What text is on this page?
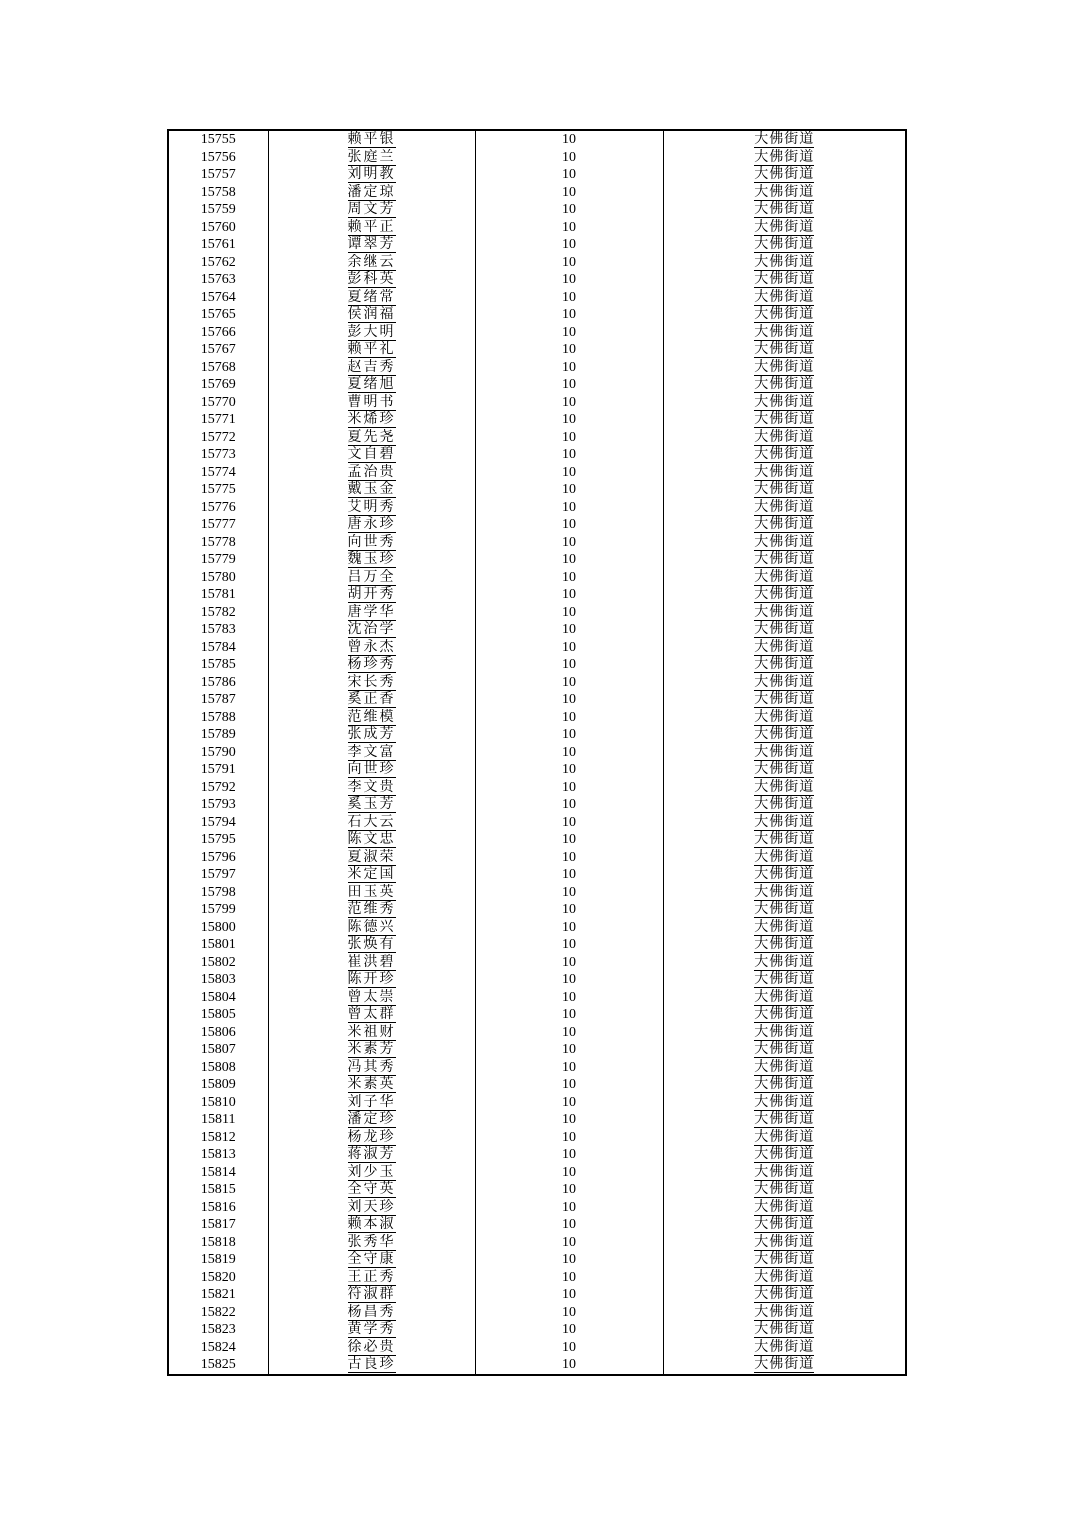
15755	赖平银	10	大佛街道
15756	张庭兰	10	大佛街道
15757	刘明教	10	大佛街道
15758	潘定琼	10	大佛街道
15759	周文芳	10	大佛街道
15760	赖平正	10	大佛街道
15761	谭翠芳	10	大佛街道
15762	余继云	10	大佛街道
15763	彭科英	10	大佛街道
15764	夏绪常	10	大佛街道
15765	侯润福	10	大佛街道
15766	彭大明	10	大佛街道
15767	赖平礼	10	大佛街道
15768	赵吉秀	10	大佛街道
15769	夏绪旭	10	大佛街道
15770	曹明书	10	大佛街道
15771	米烯珍	10	大佛街道
15772	夏先尧	10	大佛街道
15773	文自碧	10	大佛街道
15774	孟治贵	10	大佛街道
15775	戴玉金	10	大佛街道
15776	艾明秀	10	大佛街道
15777	唐永珍	10	大佛街道
15778	向世秀	10	大佛街道
15779	魏玉珍	10	大佛街道
15780	吕万全	10	大佛街道
15781	胡开秀	10	大佛街道
15782	唐学华	10	大佛街道
15783	沈治学	10	大佛街道
15784	曾永杰	10	大佛街道
15785	杨珍秀	10	大佛街道
15786	宋长秀	10	大佛街道
15787	奚正香	10	大佛街道
15788	范维模	10	大佛街道
15789	张成芳	10	大佛街道
15790	李文富	10	大佛街道
15791	向世珍	10	大佛街道
15792	李文贵	10	大佛街道
15793	奚玉芳	10	大佛街道
15794	石大云	10	大佛街道
15795	陈文忠	10	大佛街道
15796	夏淑荣	10	大佛街道
15797	米定国	10	大佛街道
15798	田玉英	10	大佛街道
15799	范维秀	10	大佛街道
15800	陈德兴	10	大佛街道
15801	张焕有	10	大佛街道
15802	崔洪碧	10	大佛街道
15803	陈开珍	10	大佛街道
15804	曾太崇	10	大佛街道
15805	曾太群	10	大佛街道
15806	米祖财	10	大佛街道
15807	米素芳	10	大佛街道
15808	冯其秀	10	大佛街道
15809	米素英	10	大佛街道
15810	刘子华	10	大佛街道
15811	潘定珍	10	大佛街道
15812	杨龙珍	10	大佛街道
15813	蒋淑芳	10	大佛街道
15814	刘少玉	10	大佛街道
15815	全守英	10	大佛街道
15816	刘天珍	10	大佛街道
15817	赖本淑	10	大佛街道
15818	张秀华	10	大佛街道
15819	全守康	10	大佛街道
15820	王正秀	10	大佛街道
15821	符淑群	10	大佛街道
15822	杨昌秀	10	大佛街道
15823	黄学秀	10	大佛街道
15824	徐必贵	10	大佛街道
15825	古良珍	10	大佛街道
